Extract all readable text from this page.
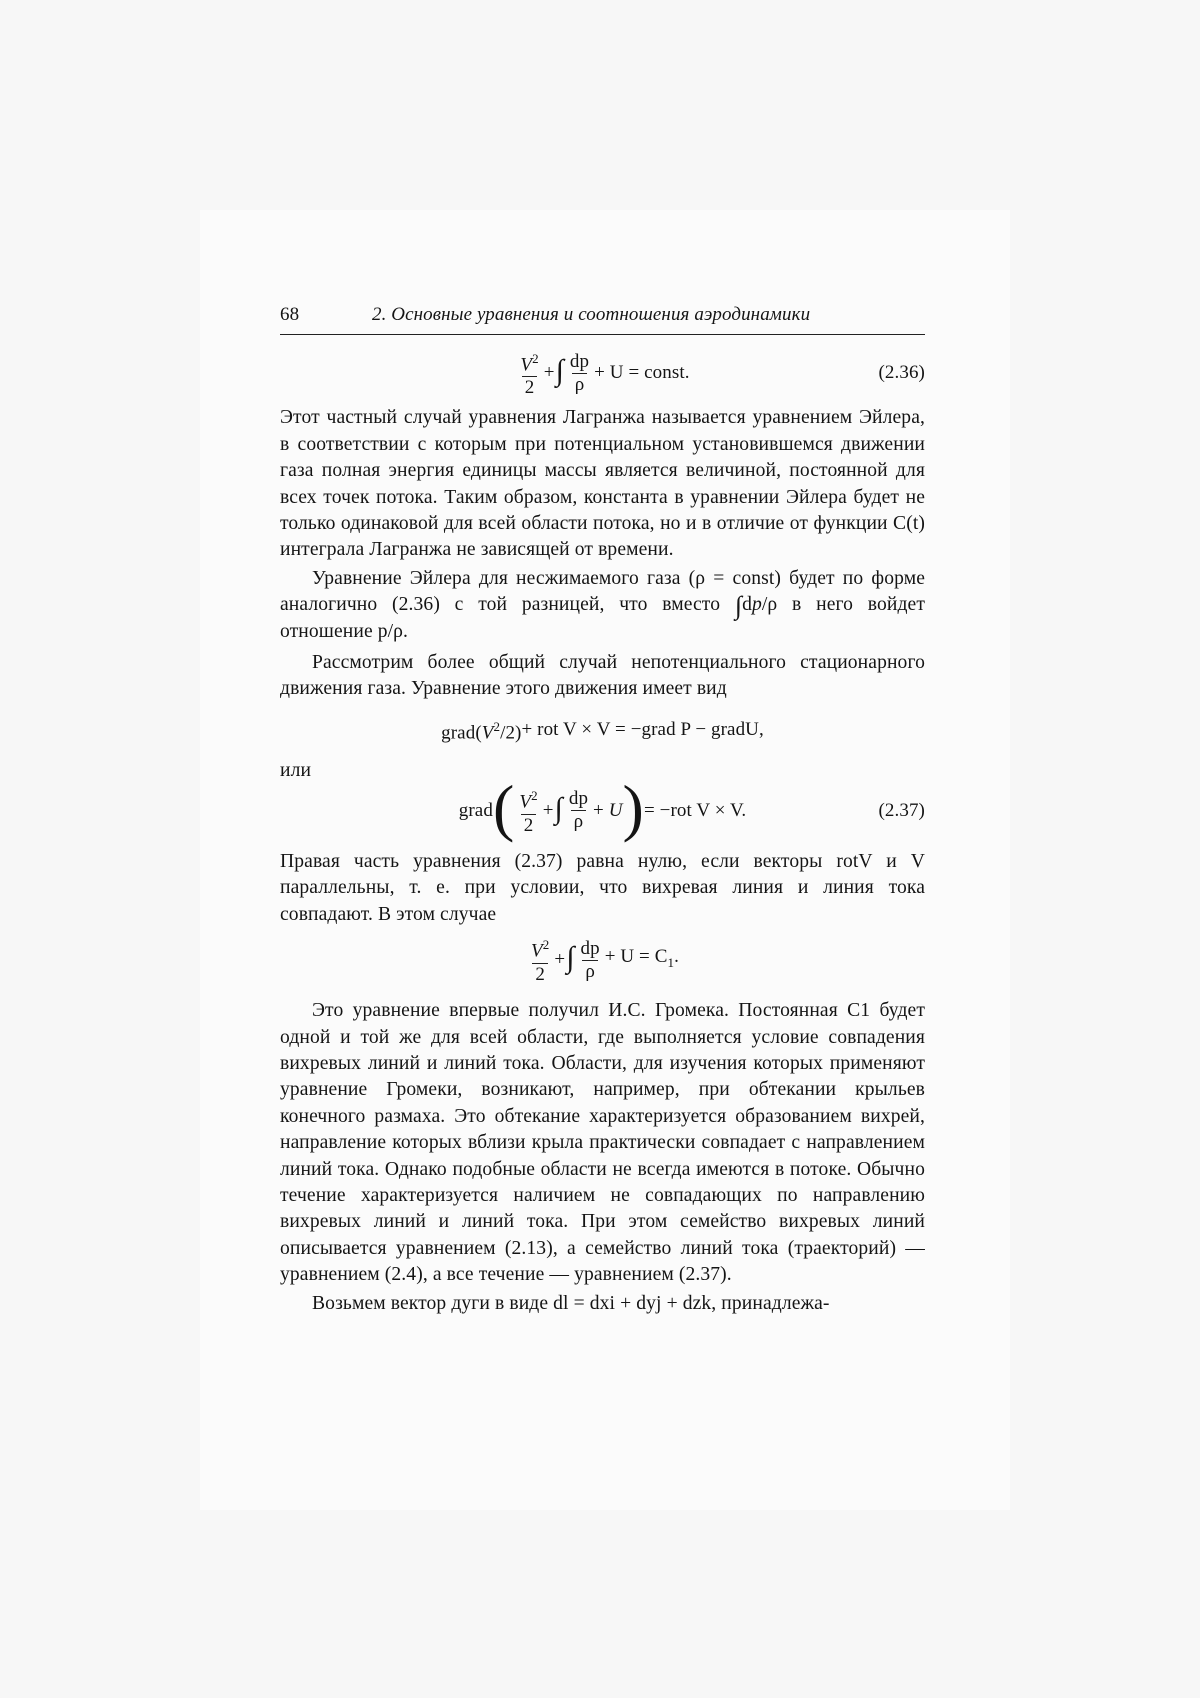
68	2. Основные уравнения и соотношения аэродинамики
$\frac{V^2}{2}$ + ∫ $\frac{dp}{\rho} + U$ = const.	(2.36)

Этот частный случай уравнения Лагранжа называется уравнением Эйлера, в соответствии с которым при потенциальном установившемся движении газа полная энергия единицы массы является величиной, постоянной для всех точек потока. Таким образом, константа в уравнении Эйлера будет не только одинаковой для всей области потока, но и в отличие от функции C(t) интеграла Лагранжа не зависящей от времени.

Уравнение Эйлера для несжимаемого газа (ρ = const) будет по форме аналогично (2.36) с той разницей, что вместо ∫dp/ρ в него войдет отношение p/ρ.

Рассмотрим более общий случай непотенциального стационарного движения газа. Уравнение этого движения имеет вид

$grad(V^2/2)$ + rot V × V = −grad P − gradU,
или
grad ( $\frac{V^2}{2}$ + ∫ $\frac{dp}{\rho} + U$ ) = −rot V × V.	(2.37)

Правая часть уравнения (2.37) равна нулю, если векторы rotV и V параллельны, т. е. при условии, что вихревая линия и линия тока совпадают. В этом случае

$\frac{V^2}{2}$ + ∫ $\frac{dp}{\rho} + U = C_1$.

Это уравнение впервые получил И.С. Громека. Постоянная C1 будет одной и той же для всей области, где выполняется условие совпадения вихревых линий и линий тока. Области, для изучения которых применяют уравнение Громеки, возникают, например, при обтекании крыльев конечного размаха. Это обтекание характеризуется образованием вихрей, направление которых вблизи крыла практически совпадает с направлением линий тока. Однако подобные области не всегда имеются в потоке. Обычно течение характеризуется наличием не совпадающих по направлению вихревых линий и линий тока. При этом семейство вихревых линий описывается уравнением (2.13), а семейство линий тока (траекторий) — уравнением (2.4), а все течение — уравнением (2.37).

Возьмем вектор дуги в виде dl = dxi + dyj + dzk, принадлежа-
